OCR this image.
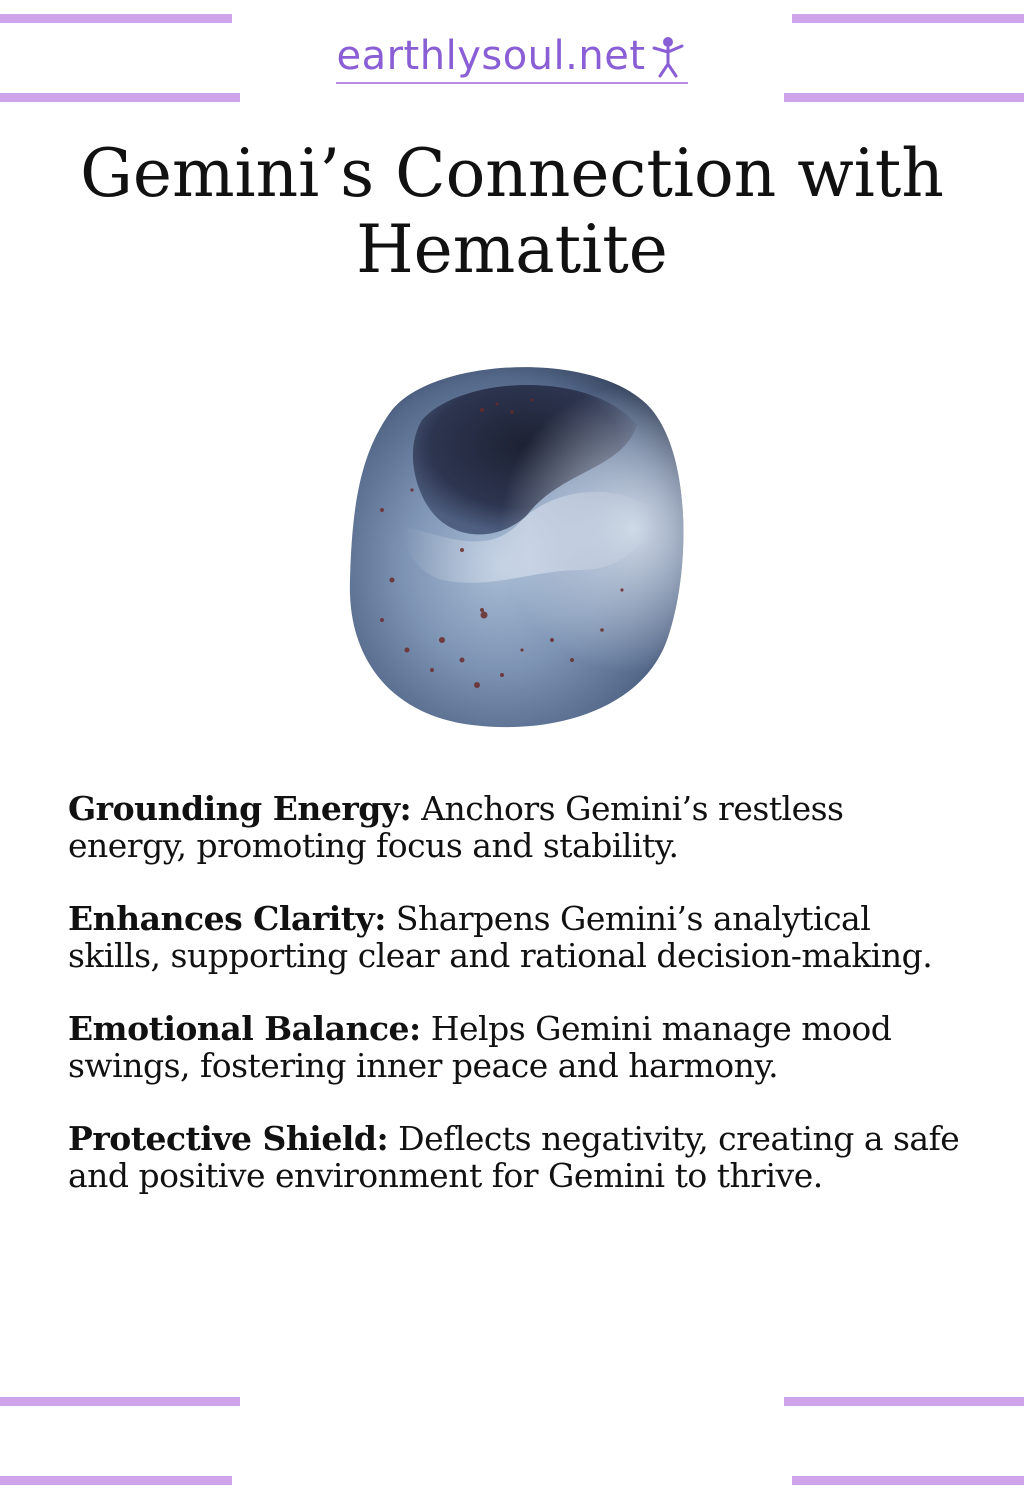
earthlysoul.net
Gemini’s Connection with Hematite

Grounding Energy: Anchors Gemini’s restless energy, promoting focus and stability.

Enhances Clarity: Sharpens Gemini’s analytical skills, supporting clear and rational decision-making.

Emotional Balance: Helps Gemini manage mood swings, fostering inner peace and harmony.

Protective Shield: Deflects negativity, creating a safe and positive environment for Gemini to thrive.
